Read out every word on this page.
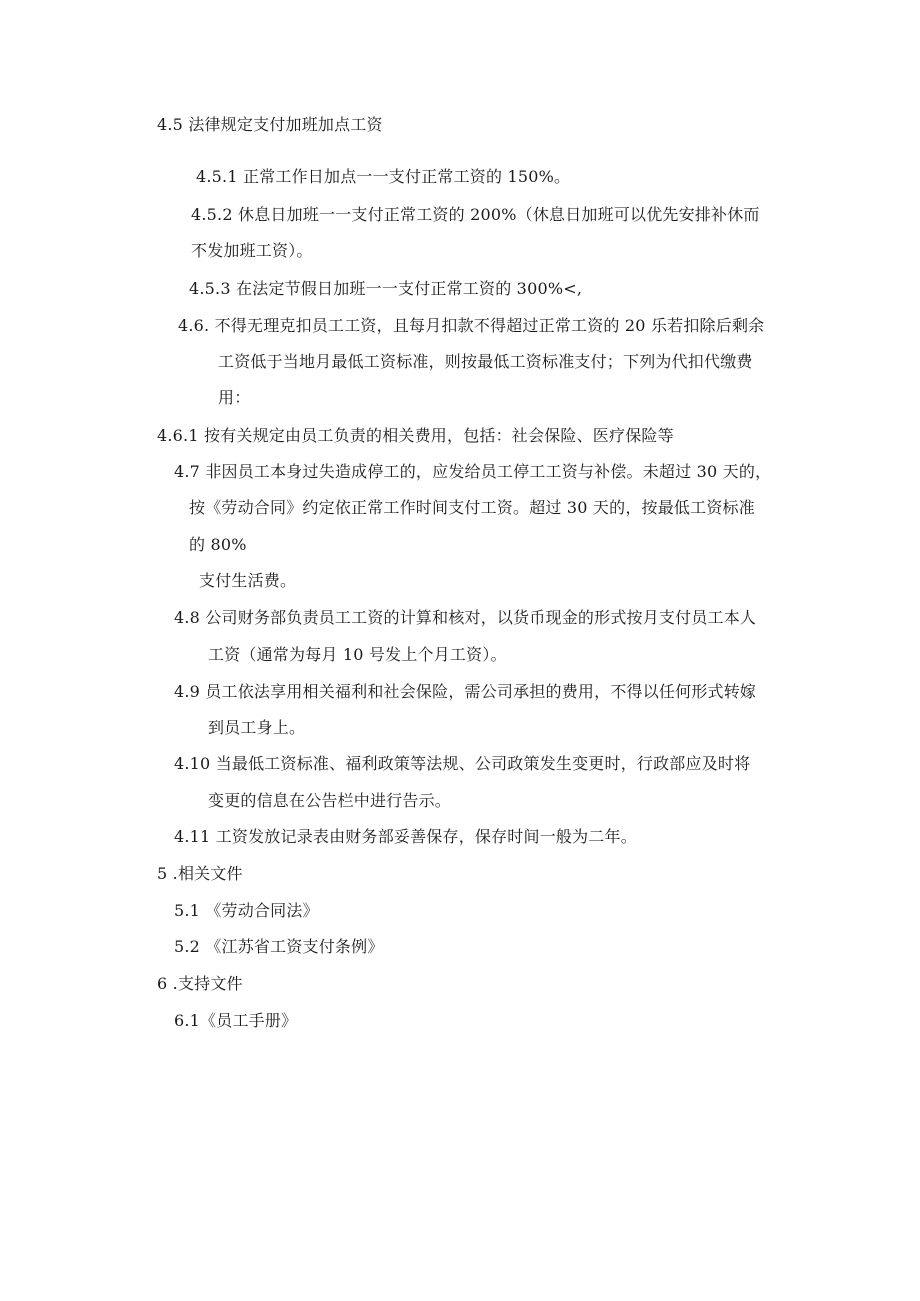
4.5 法律规定支付加班加点工资
4.5.1 正常工作日加点一一支付正常工资的 150%。
4.5.2 休息日加班一一支付正常工资的 200%（休息日加班可以优先安排补休而
不发加班工资）。
4.5.3 在法定节假日加班一一支付正常工资的 300%<,
4.6. 不得无理克扣员工工资，且每月扣款不得超过正常工资的 20 乐若扣除后剩余
工资低于当地月最低工资标准，则按最低工资标准支付；下列为代扣代缴费
用：
4.6.1 按有关规定由员工负责的相关费用，包括：社会保险、医疗保险等
4.7 非因员工本身过失造成停工的，应发给员工停工工资与补偿。未超过 30 天的，
按《劳动合同》约定依正常工作时间支付工资。超过 30 天的，按最低工资标准
的 80%
支付生活费。
4.8 公司财务部负责员工工资的计算和核对，以货币现金的形式按月支付员工本人
工资（通常为每月 10 号发上个月工资）。
4.9 员工依法享用相关福利和社会保险，需公司承担的费用，不得以任何形式转嫁
到员工身上。
4.10 当最低工资标准、福利政策等法规、公司政策发生变更时，行政部应及时将
变更的信息在公告栏中进行告示。
4.11 工资发放记录表由财务部妥善保存，保存时间一般为二年。
5 .相关文件
5.1 《劳动合同法》
5.2 《江苏省工资支付条例》
6 .支持文件
6.1《员工手册》
